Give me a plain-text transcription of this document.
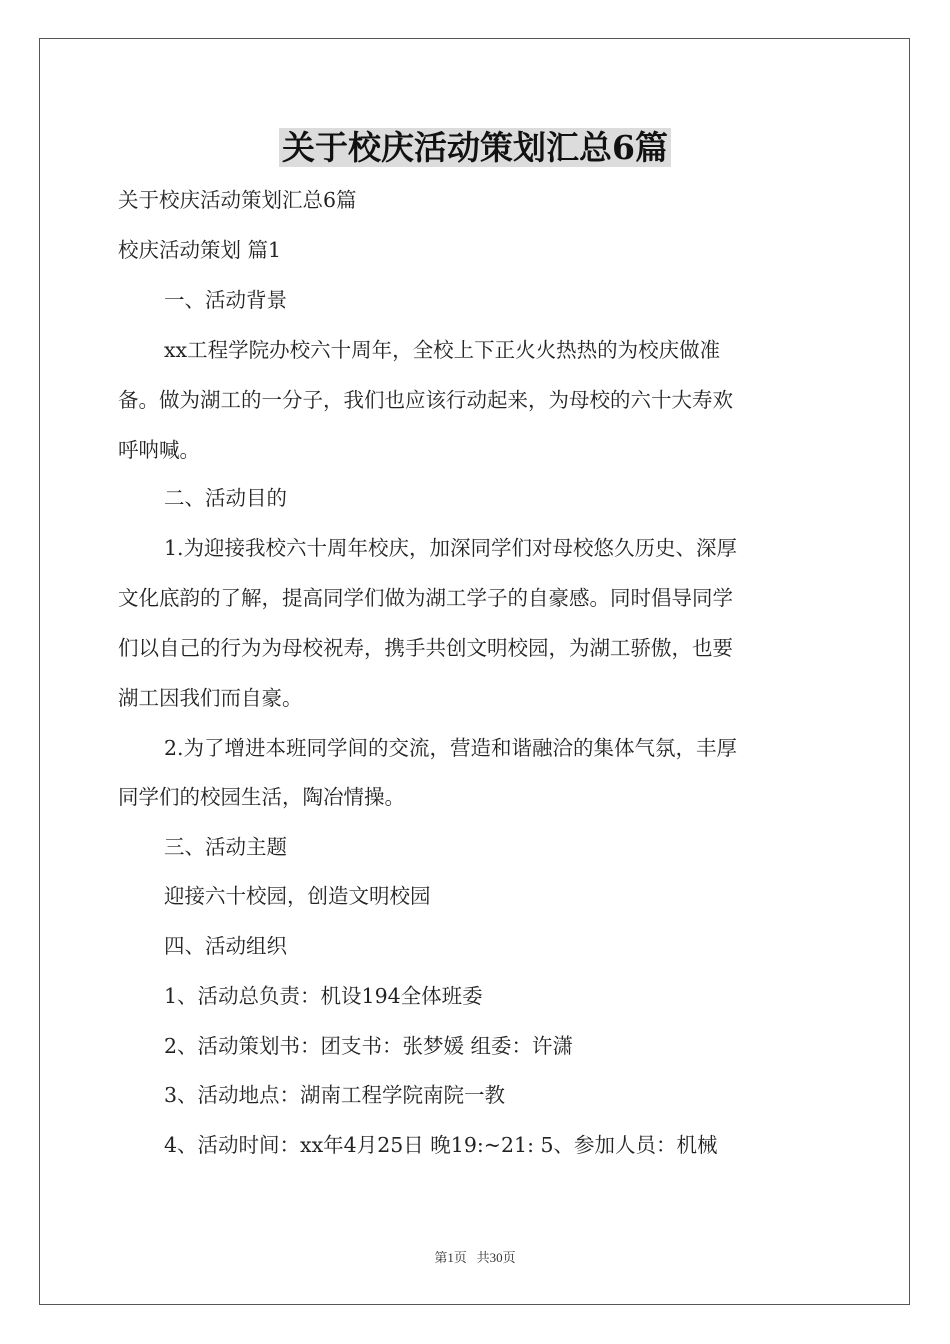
关于校庆活动策划汇总6篇
关于校庆活动策划汇总6篇
校庆活动策划 篇1
一、活动背景
xx工程学院办校六十周年，全校上下正火火热热的为校庆做准
备。做为湖工的一分子，我们也应该行动起来，为母校的六十大寿欢
呼呐喊。
二、活动目的
1.为迎接我校六十周年校庆，加深同学们对母校悠久历史、深厚
文化底韵的了解，提高同学们做为湖工学子的自豪感。同时倡导同学
们以自己的行为为母校祝寿，携手共创文明校园，为湖工骄傲，也要
湖工因我们而自豪。
2.为了增进本班同学间的交流，营造和谐融洽的集体气氛，丰厚
同学们的校园生活，陶冶情操。
三、活动主题
迎接六十校园，创造文明校园
四、活动组织
1、活动总负责：机设194全体班委
2、活动策划书：团支书：张梦媛 组委：许潇
3、活动地点：湖南工程学院南院一教
4、活动时间：xx年4月25日 晚19:~21: 5、参加人员：机械
第1页   共30页
